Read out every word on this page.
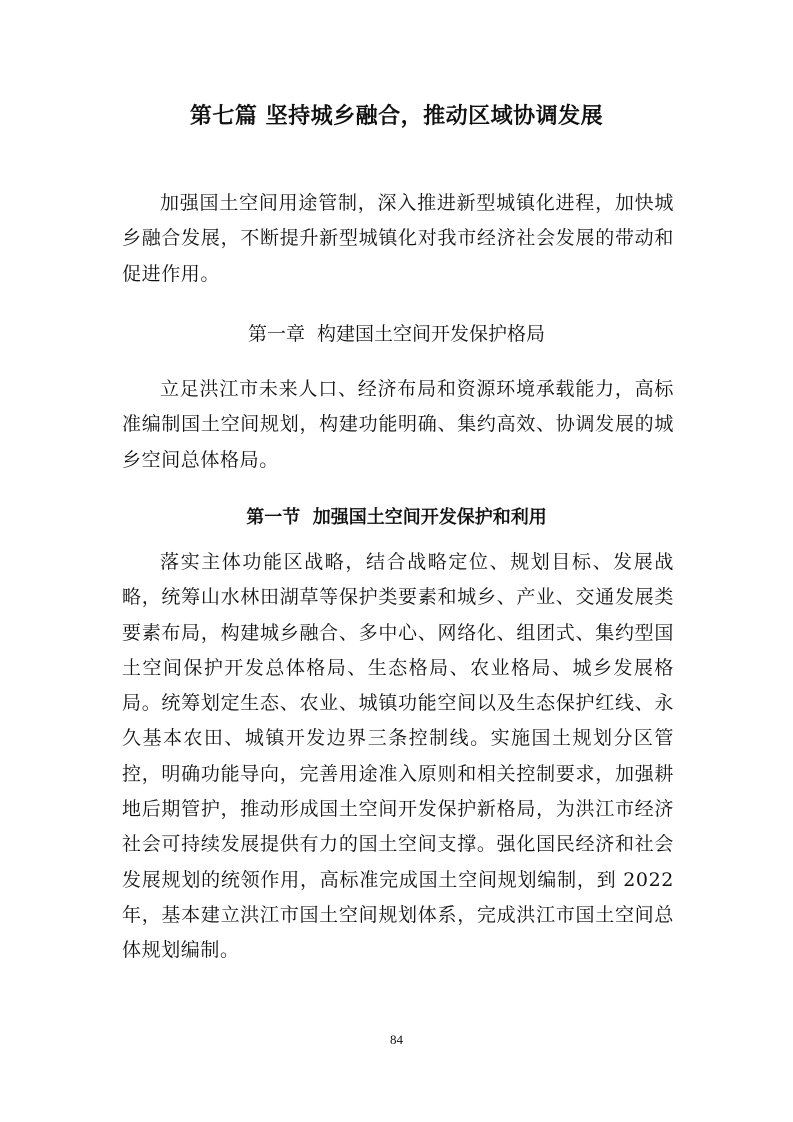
第七篇 坚持城乡融合，推动区域协调发展

加强国土空间用途管制，深入推进新型城镇化进程，加快城乡融合发展，不断提升新型城镇化对我市经济社会发展的带动和促进作用。

第一章  构建国土空间开发保护格局

立足洪江市未来人口、经济布局和资源环境承载能力，高标准编制国土空间规划，构建功能明确、集约高效、协调发展的城乡空间总体格局。

第一节  加强国土空间开发保护和利用

落实主体功能区战略，结合战略定位、规划目标、发展战略，统筹山水林田湖草等保护类要素和城乡、产业、交通发展类要素布局，构建城乡融合、多中心、网络化、组团式、集约型国土空间保护开发总体格局、生态格局、农业格局、城乡发展格局。统筹划定生态、农业、城镇功能空间以及生态保护红线、永久基本农田、城镇开发边界三条控制线。实施国土规划分区管控，明确功能导向，完善用途准入原则和相关控制要求，加强耕地后期管护，推动形成国土空间开发保护新格局，为洪江市经济社会可持续发展提供有力的国土空间支撑。强化国民经济和社会发展规划的统领作用，高标准完成国土空间规划编制，到 2022 年，基本建立洪江市国土空间规划体系，完成洪江市国土空间总体规划编制。

84
